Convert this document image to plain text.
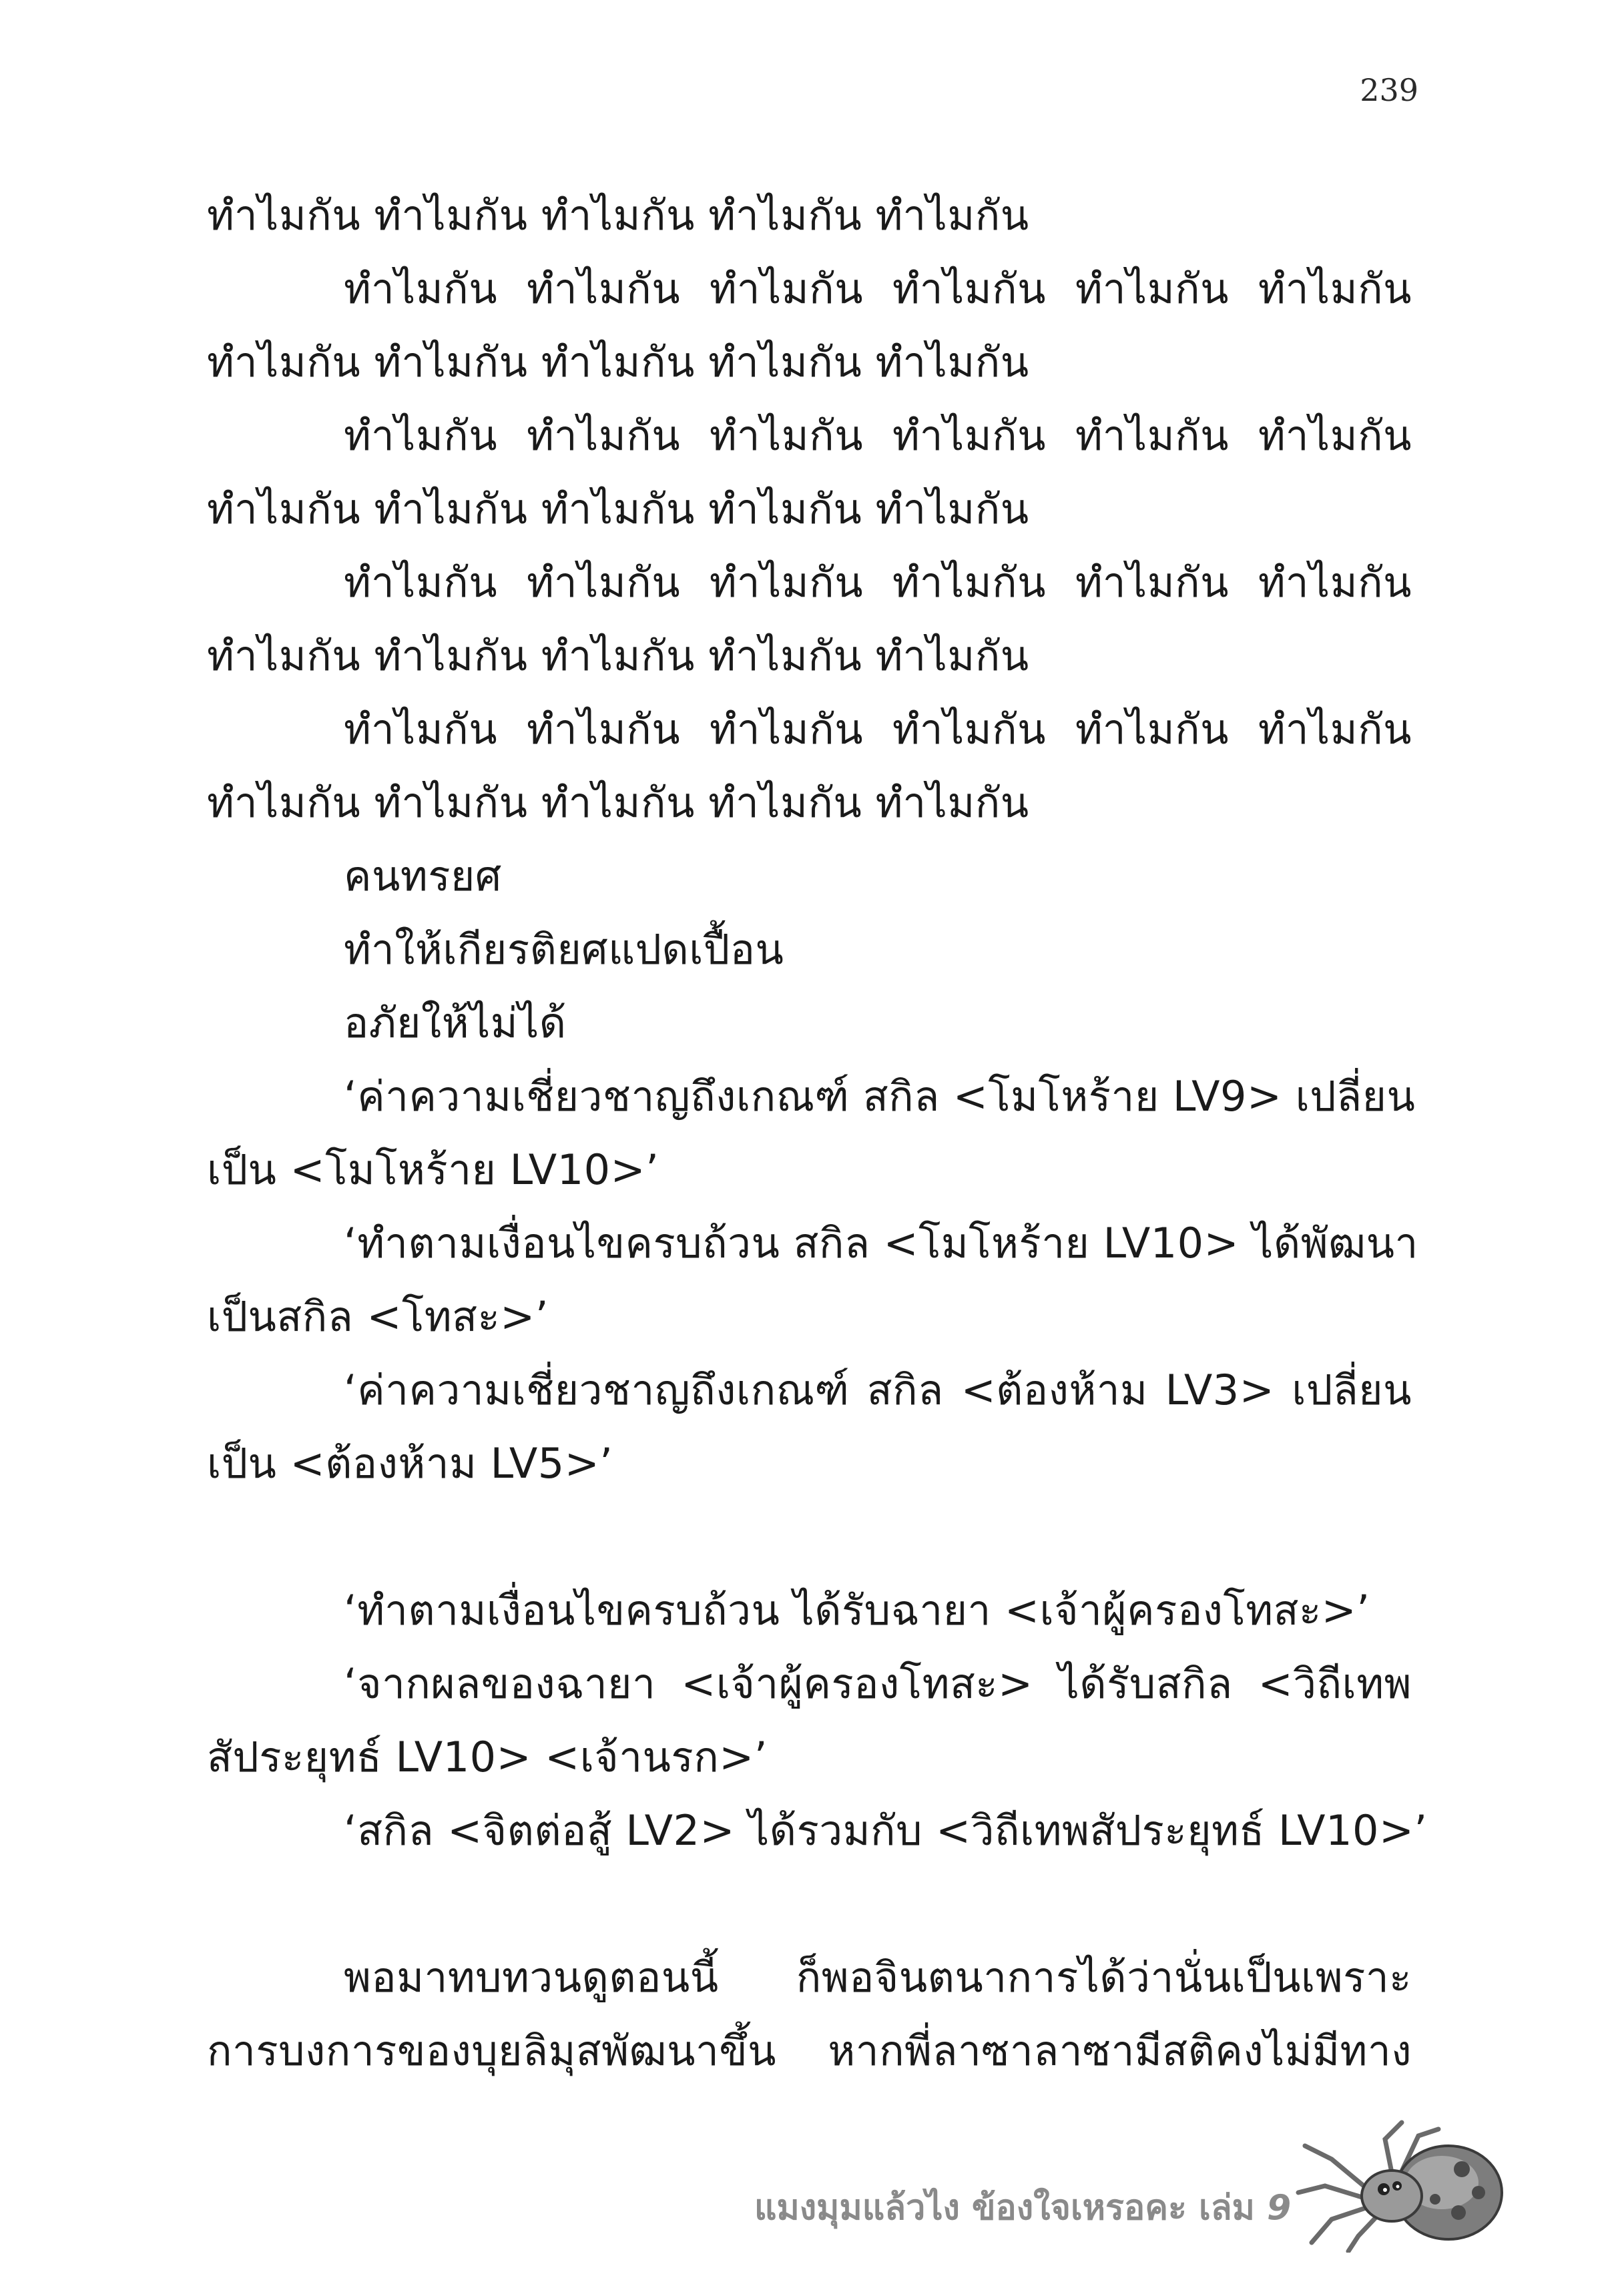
239
ทำไมกัน ทำไมกัน ทำไมกัน ทำไมกัน ทำไมกัน
ทำไมกัน ทำไมกัน ทำไมกัน ทำไมกัน ทำไมกัน ทำไมกัน
ทำไมกัน ทำไมกัน ทำไมกัน ทำไมกัน ทำไมกัน
ทำไมกัน ทำไมกัน ทำไมกัน ทำไมกัน ทำไมกัน ทำไมกัน
ทำไมกัน ทำไมกัน ทำไมกัน ทำไมกัน ทำไมกัน
ทำไมกัน ทำไมกัน ทำไมกัน ทำไมกัน ทำไมกัน ทำไมกัน
ทำไมกัน ทำไมกัน ทำไมกัน ทำไมกัน ทำไมกัน
ทำไมกัน ทำไมกัน ทำไมกัน ทำไมกัน ทำไมกัน ทำไมกัน
ทำไมกัน ทำไมกัน ทำไมกัน ทำไมกัน ทำไมกัน
คนทรยศ
ทำให้เกียรติยศแปดเปื้อน
อภัยให้ไม่ได้
‘ค่าความเชี่ยวชาญถึงเกณฑ์ สกิล <โมโหร้าย LV9> เปลี่ยน
เป็น <โมโหร้าย LV10>’
‘ทำตามเงื่อนไขครบถ้วน สกิล <โมโหร้าย LV10> ได้พัฒนา
เป็นสกิล <โทสะ>’
‘ค่าความเชี่ยวชาญถึงเกณฑ์ สกิล <ต้องห้าม LV3> เปลี่ยน
เป็น <ต้องห้าม LV5>’
‘ทำตามเงื่อนไขครบถ้วน ได้รับฉายา <เจ้าผู้ครองโทสะ>’
‘จากผลของฉายา <เจ้าผู้ครองโทสะ> ได้รับสกิล <วิถีเทพ
สัประยุทธ์ LV10> <เจ้านรก>’
‘สกิล <จิตต่อสู้ LV2> ได้รวมกับ <วิถีเทพสัประยุทธ์ LV10>’
พอมาทบทวนดูตอนนี้ ก็พอจินตนาการได้ว่านั่นเป็นเพราะ
การบงการของบุยลิมุสพัฒนาขึ้น หากพี่ลาซาลาซามีสติคงไม่มีทาง
แมงมุมแล้วไง ข้องใจเหรอคะ เล่ม 9
